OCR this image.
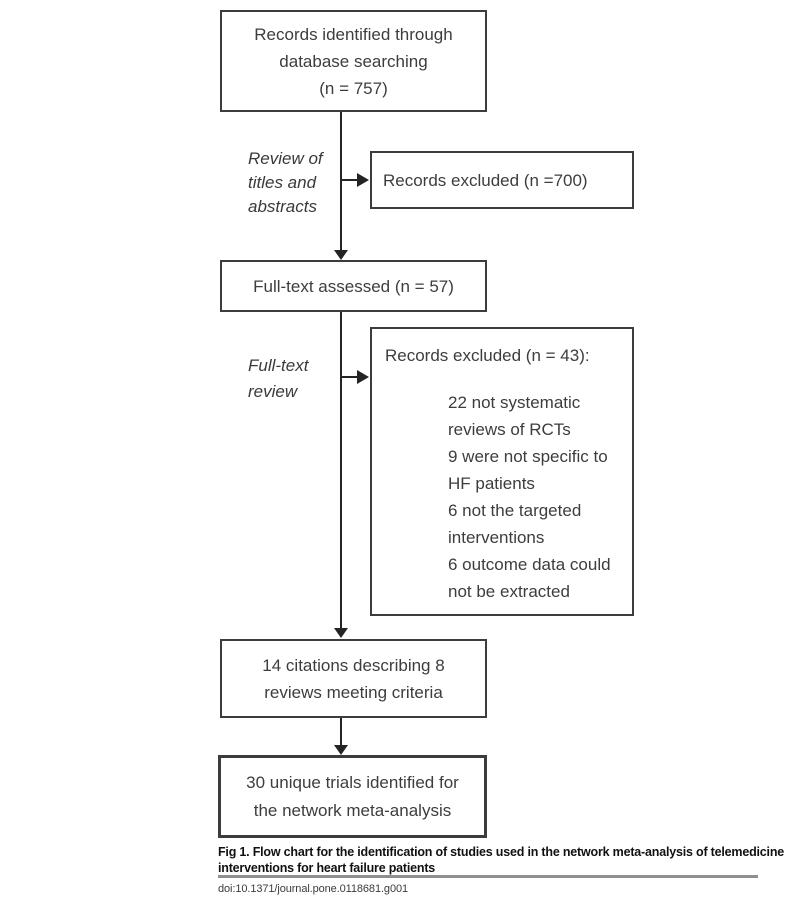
Records identified through
database searching
(n = 757)
Review of
titles and
abstracts
Records excluded (n =700)
Full-text assessed (n = 57)
Full-text
review
Records excluded (n = 43):
22 not systematic reviews of RCTs
9 were not specific to HF patients
6 not the targeted interventions
6 outcome data could not be extracted
14 citations describing 8
reviews meeting criteria
30 unique trials identified for
the network meta-analysis
Fig 1. Flow chart for the identification of studies used in the network meta-analysis of telemedicine
interventions for heart failure patients
doi:10.1371/journal.pone.0118681.g001
